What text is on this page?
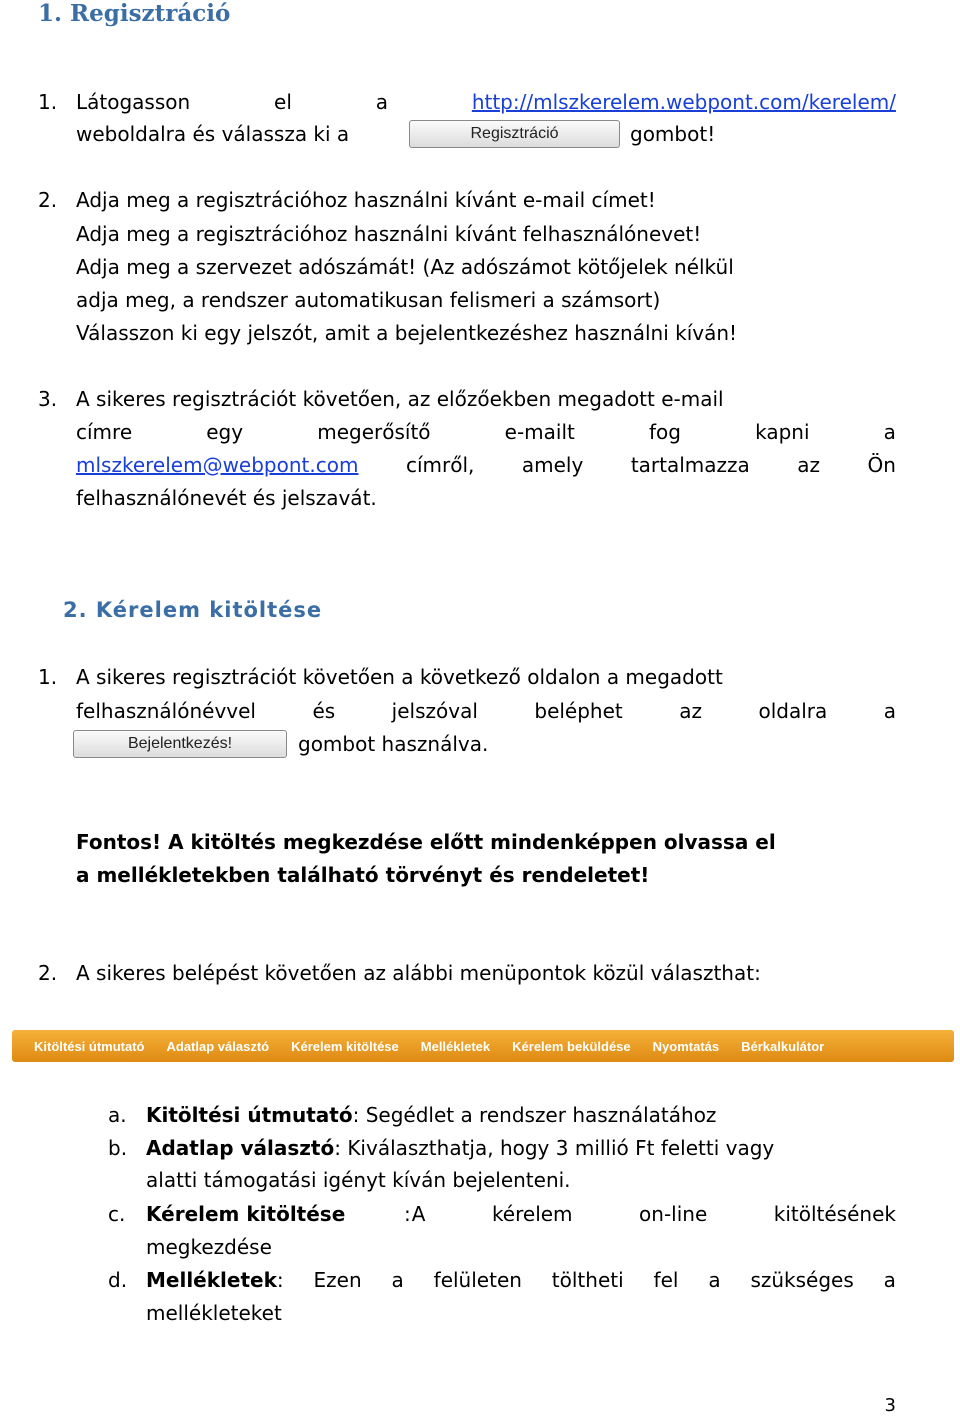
1. Regisztráció
1. Látogasson	el	a	http://mlszkerelem.webpont.com/kerelem/
weboldalra és válassza ki a	Regisztráció	gombot!
2. Adja meg a regisztrációhoz használni kívánt e-mail címet!
Adja meg a regisztrációhoz használni kívánt felhasználónevet!
Adja meg a szervezet adószámát! (Az adószámot kötőjelek nélkül
adja meg, a rendszer automatikusan felismeri a számsort)
Válasszon ki egy jelszót, amit a bejelentkezéshez használni kíván!
3. A sikeres regisztrációt követően, az előzőekben megadott e-mail
címre	egy	megerősítő	e-mailt	fog	kapni	a
mlszkerelem@webpont.com címről, amely tartalmazza az Ön
felhasználónevét és jelszavát.
2. Kérelem kitöltése
1. A sikeres regisztrációt követően a következő oldalon a megadott
felhasználónévvel	és	jelszóval	beléphet	az	oldalra	a
Bejelentkezés!	gombot használva.
Fontos! A kitöltés megkezdése előtt mindenképpen olvassa el
a mellékletekben található törvényt és rendeletet!
2. A sikeres belépést követően az alábbi menüpontok közül választhat:
Kitöltési útmutató Adatlap választó Kérelem kitöltése Mellékletek Kérelem beküldése Nyomtatás Bérkalkulátor
a. Kitöltési útmutató: Segédlet a rendszer használatához
b. Adatlap választó: Kiválaszthatja, hogy 3 millió Ft feletti vagy
alatti támogatási igényt kíván bejelenteni.
c. Kérelem kitöltése	A	kérelem	on-line	kitöltésének
:
megkezdése
d. Mellékletek: Ezen a felületen töltheti fel a szükséges a
mellékleteket
3
